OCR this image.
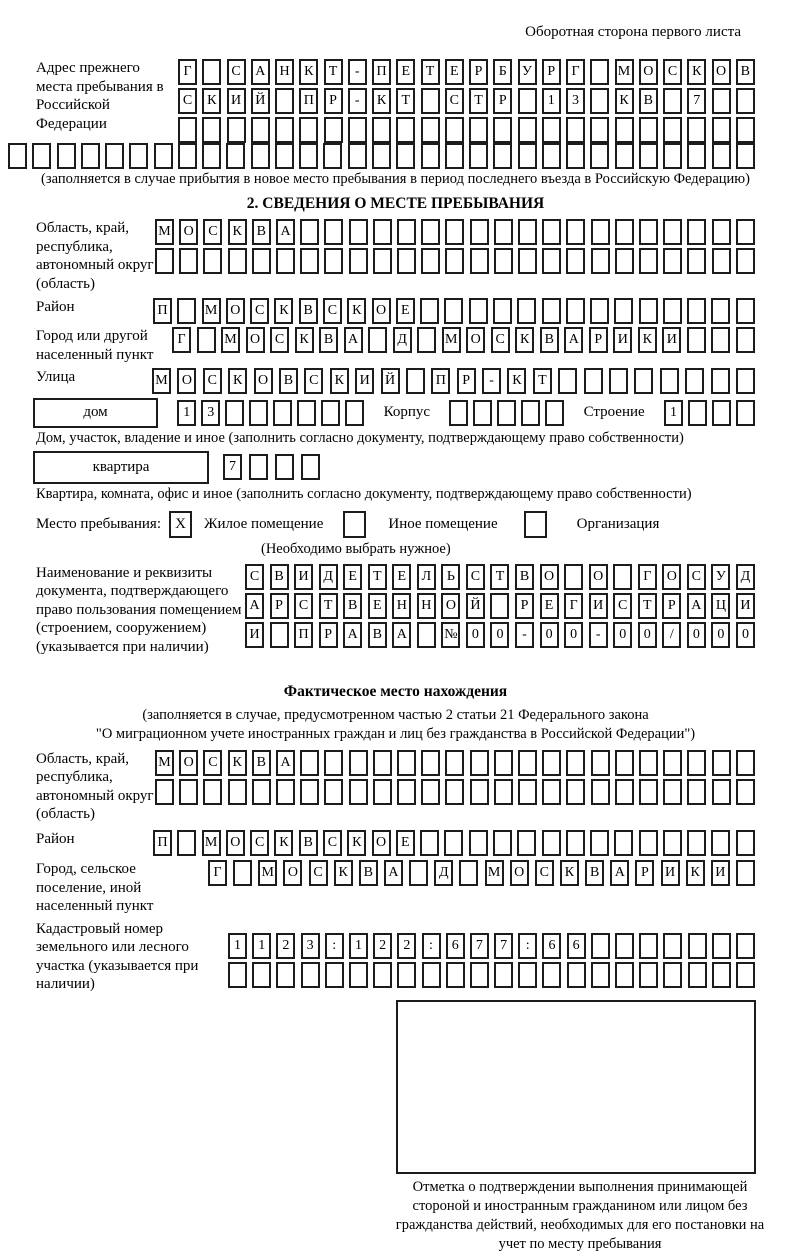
Оборотная сторона первого листа
Адрес прежнего места пребывания в Российской Федерации
Г	С	А	Н	К	Т	-	П	Е	Т	Е	Р	Б	У	Р	Г	М О	С	К	О	В
С	К	И	Й	П	Р	-	К	Т	С	Т	Р	1	3	К	В	7
(заполняется в случае прибытия в новое место пребывания в период последнего въезда в Российскую Федерацию)
2. СВЕДЕНИЯ О МЕСТЕ ПРЕБЫВАНИЯ
Область, край, республика, автономный округ (область)
М О	С	К	В	А
Район	П	М О	С	К	В	С	К	О	Е
Город или другой населенный пункт
Г	М О	С	К	В	А	Д	М О	С	К	В	А	Р	И	К	И
Улица	М	О	С	К	О	В	С	К	И	Й	П	Р	-	К	Т
дом	1	3	Корпус	Строение	1
Дом, участок, владение и иное (заполнить согласно документу, подтверждающему право собственности)
квартира	7
Квартира, комната, офис и иное (заполнить согласно документу, подтверждающему право собственности)
Место пребывания: X	Жилое помещение	Иное помещение	Организация
(Необходимо выбрать нужное)
Наименование и реквизиты документа, подтверждающего право пользования помещением (строением, сооружением) (указывается при наличии)
С	В	И	Д	Е	Т	Е	Л	Ь	С	Т	В	О	О	Г	О	С	У	Д
А	Р	С	Т	В	Е	Н	Н	О	Й	Р	Е	Г	И	С	Т	Р	А	Ц	И
И	П	Р	А	В	А	№	0	0	-	0	0	-	0	0	/	0	0	0
Фактическое место нахождения
(заполняется в случае, предусмотренном частью 2 статьи 21 Федерального закона
"О миграционном учете иностранных граждан и лиц без гражданства в Российской Федерации")
Область, край, республика, автономный округ (область)
М О	С	К	В	А
Район	П	М О	С	К	В	С	К	О	Е
Город, сельское поселение, иной населенный пункт
Г	М О	С	К	В	А	Д	М О	С	К	В	А	Р	И	К	И
Кадастровый номер земельного или лесного участка (указывается при наличии)
1	1	2	3	:	1	2	2	:	6	7	7	:	6	6
Отметка о подтверждении выполнения принимающей стороной и иностранным гражданином или лицом без гражданства действий, необходимых для его постановки на учет по месту пребывания
